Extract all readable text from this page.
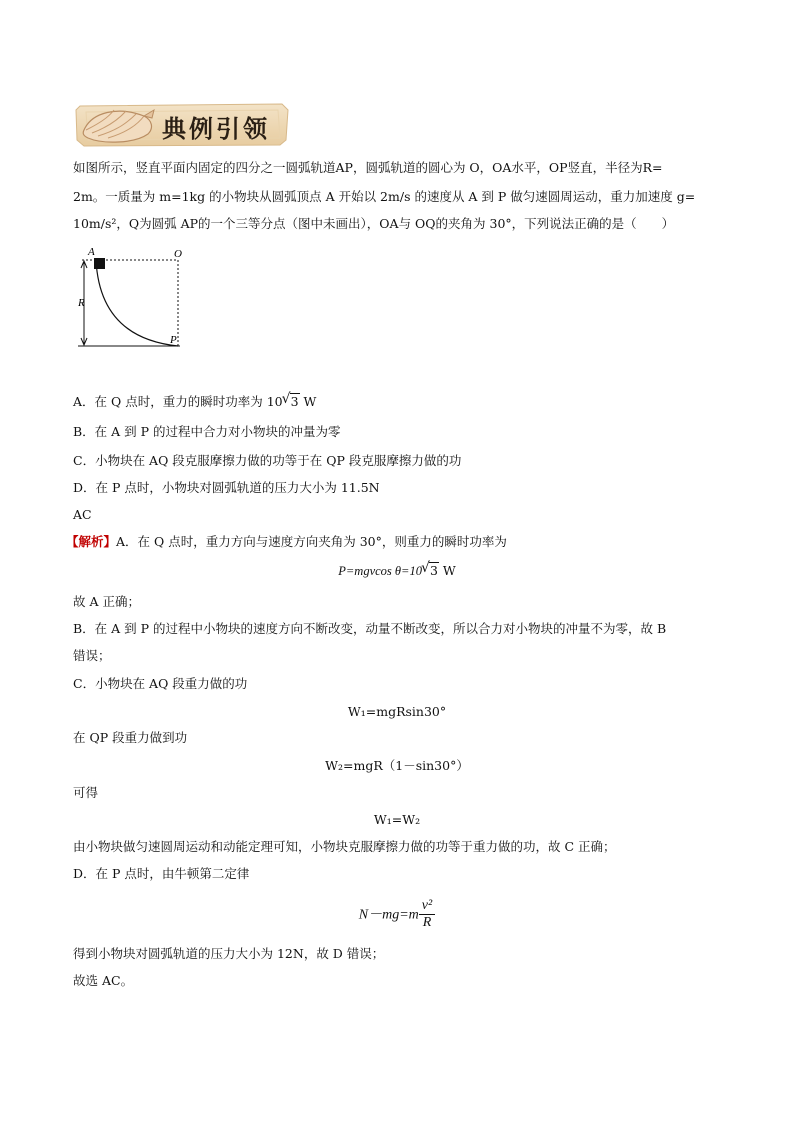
典例引领
如图所示，竖直平面内固定的四分之一圆弧轨道AP，圆弧轨道的圆心为 O，OA水平，OP竖直，半径为R=
2m。一质量为 m=1kg 的小物块从圆弧顶点 A 开始以 2m/s 的速度从 A 到 P 做匀速圆周运动，重力加速度 g=
10m/s²，Q为圆弧 AP的一个三等分点（图中未画出），OA与 OQ的夹角为 30°，下列说法正确的是（　　）
A	O
R
P
A．在 Q 点时，重力的瞬时功率为 10 √ 3 W
B．在 A 到 P 的过程中合力对小物块的冲量为零
C．小物块在 AQ 段克服摩擦力做的功等于在 QP 段克服摩擦力做的功
D．在 P 点时，小物块对圆弧轨道的压力大小为 11.5N
AC
【解析】A．在 Q 点时，重力方向与速度方向夹角为 30°，则重力的瞬时功率为
P=mgvcos θ=10 √ 3 W
故 A 正确；
B．在 A 到 P 的过程中小物块的速度方向不断改变，动量不断改变，所以合力对小物块的冲量不为零，故 B
错误；
C．小物块在 AQ 段重力做的功
W₁=mgRsin30°
在 QP 段重力做到功
W₂=mgR（1－sin30°）
可得
W₁=W₂
由小物块做匀速圆周运动和动能定理可知，小物块克服摩擦力做的功等于重力做的功，故 C 正确；
D．在 P 点时，由牛顿第二定律
$N-mg=m \frac{\text{v²}}{R}$
得到小物块对圆弧轨道的压力大小为 12N，故 D 错误；
故选 AC。
